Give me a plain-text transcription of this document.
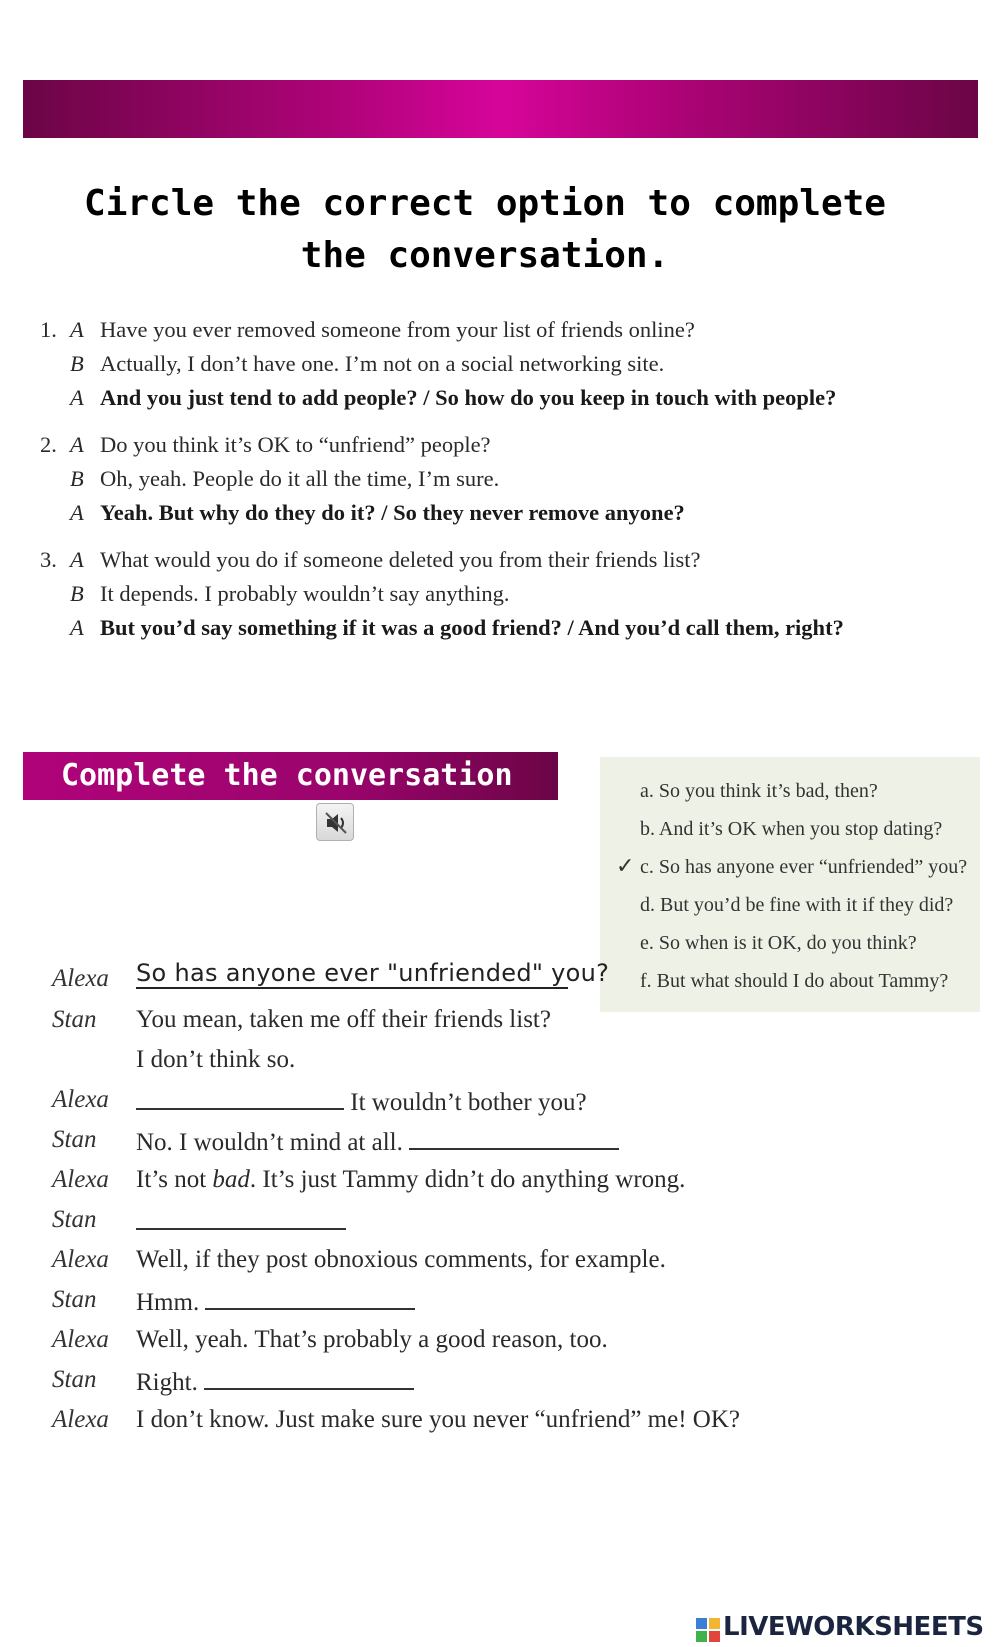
Circle the correct option to complete
the conversation.
1. A Have you ever removed someone from your list of friends online?
B Actually, I don’t have one. I’m not on a social networking site.
A And you just tend to add people? / So how do you keep in touch with people?
2. A Do you think it’s OK to “unfriend” people?
B Oh, yeah. People do it all the time, I’m sure.
A Yeah. But why do they do it? / So they never remove anyone?
3. A What would you do if someone deleted you from their friends list?
B It depends. I probably wouldn’t say anything.
A But you’d say something if it was a good friend? / And you’d call them, right?
Complete the conversation
✓
a. So you think it’s bad, then?
b. And it’s OK when you stop dating?
c. So has anyone ever “unfriended” you?
d. But you’d be fine with it if they did?
e. So when is it OK, do you think?
f. But what should I do about Tammy?
Alexa So has anyone ever "unfriended" you?
Stan You mean, taken me off their friends list?
I don’t think so.
Alexa	It wouldn’t bother you?
Stan No. I wouldn’t mind at all.
Alexa It’s not bad. It’s just Tammy didn’t do anything wrong.
Stan
Alexa Well, if they post obnoxious comments, for example.
Stan Hmm.
Alexa Well, yeah. That’s probably a good reason, too.
Stan Right.
Alexa I don’t know. Just make sure you never “unfriend” me! OK?
LIVEWORKSHEETS
